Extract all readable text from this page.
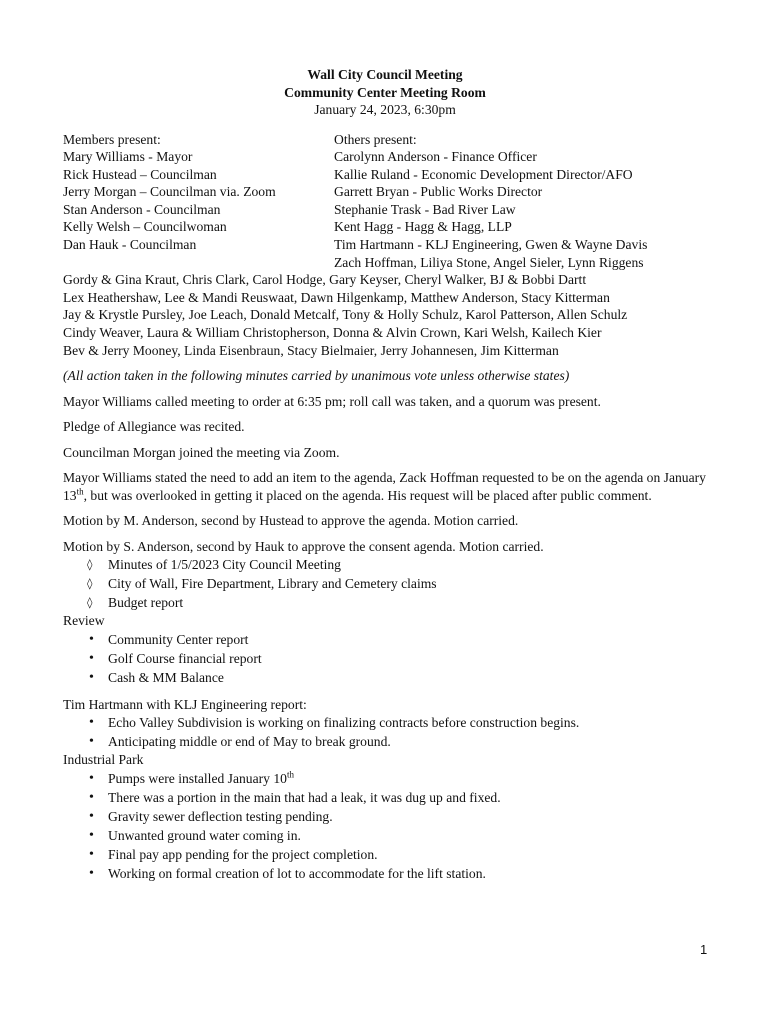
Wall City Council Meeting
Community Center Meeting Room
January 24, 2023, 6:30pm
Members present:
Mary Williams - Mayor
Rick Hustead – Councilman
Jerry Morgan – Councilman via. Zoom
Stan Anderson - Councilman
Kelly Welsh – Councilwoman
Dan Hauk - Councilman
Others present:
Carolynn Anderson - Finance Officer
Kallie Ruland - Economic Development Director/AFO
Garrett Bryan - Public Works Director
Stephanie Trask - Bad River Law
Kent Hagg - Hagg & Hagg, LLP
Tim Hartmann - KLJ Engineering, Gwen & Wayne Davis
Zach Hoffman, Liliya Stone, Angel Sieler, Lynn Riggens
Gordy & Gina Kraut, Chris Clark, Carol Hodge, Gary Keyser, Cheryl Walker, BJ & Bobbi Dartt
Lex Heathershaw, Lee & Mandi Reuswaat, Dawn Hilgenkamp, Matthew Anderson, Stacy Kitterman
Jay & Krystle Pursley, Joe Leach, Donald Metcalf, Tony & Holly Schulz, Karol Patterson, Allen Schulz
Cindy Weaver, Laura & William Christopherson, Donna & Alvin Crown, Kari Welsh, Kailech Kier
Bev & Jerry Mooney, Linda Eisenbraun, Stacy Bielmaier, Jerry Johannesen, Jim Kitterman

(All action taken in the following minutes carried by unanimous vote unless otherwise states)

Mayor Williams called meeting to order at 6:35 pm; roll call was taken, and a quorum was present.

Pledge of Allegiance was recited.

Councilman Morgan joined the meeting via Zoom.

Mayor Williams stated the need to add an item to the agenda, Zack Hoffman requested to be on the agenda on January 13th, but was overlooked in getting it placed on the agenda. His request will be placed after public comment.

Motion by M. Anderson, second by Hustead to approve the agenda. Motion carried.

Motion by S. Anderson, second by Hauk to approve the consent agenda. Motion carried.

◊ Minutes of 1/5/2023 City Council Meeting
◊ City of Wall, Fire Department, Library and Cemetery claims
◊ Budget report

Review

• Community Center report
• Golf Course financial report
• Cash & MM Balance

Tim Hartmann with KLJ Engineering report:

• Echo Valley Subdivision is working on finalizing contracts before construction begins.
• Anticipating middle or end of May to break ground.

Industrial Park

• Pumps were installed January 10th
• There was a portion in the main that had a leak, it was dug up and fixed.
• Gravity sewer deflection testing pending.
• Unwanted ground water coming in.
• Final pay app pending for the project completion.
• Working on formal creation of lot to accommodate for the lift station.
1
